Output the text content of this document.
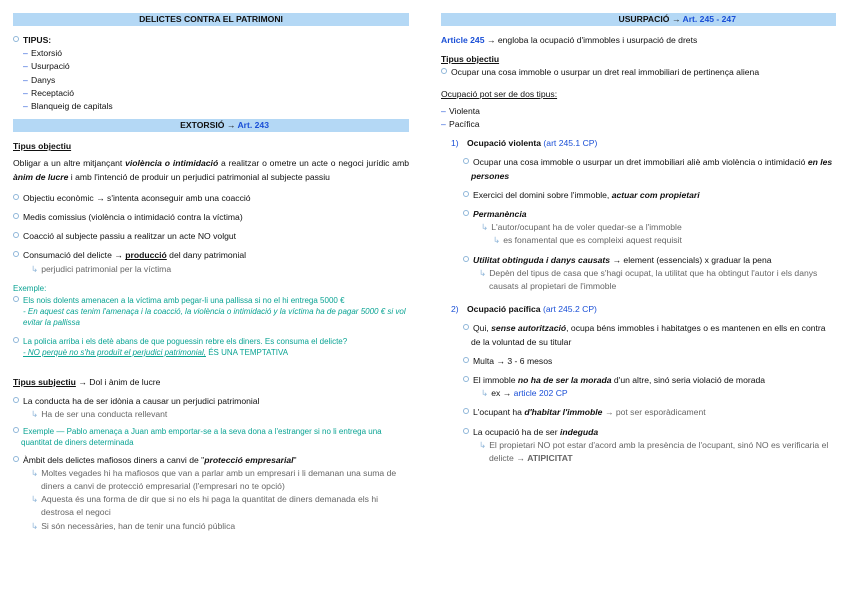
DELICTES CONTRA EL PATRIMONI
TIPUS:
– Extorsió
– Usurpació
– Danys
– Receptació
– Blanqueig de capitals
EXTORSIÓ → Art. 243
Tipus objectiu
Obligar a un altre mitjançant violència o intimidació a realitzar o ometre un acte o negoci jurídic amb ànim de lucre i amb l'intenció de produir un perjudici patrimonial al subjecte passiu
Objectiu econòmic → s'intenta aconseguir amb una coacció
Medis comissius (violència o intimidació contra la víctima)
Coacció al subjecte passiu a realitzar un acte NO volgut
Consumació del delicte → producció del dany patrimonial
↳ perjudici patrimonial per la víctima
Exemple:
Els nois dolents amenacen a la víctima amb pegar-li una pallissa si no el hi entrega 5000 €
- En aquest cas tenim l'amenaça i la coacció, la violència o intimidació y la víctima ha de pagar 5000 € si vol evitar la pallissa
La policia arriba i els detè abans de que poguessin rebre els diners. Es consuma el delicte?
- NO perquè no s'ha produït el perjudici patrimonial, ÉS UNA TEMPTATIVA
Tipus subjectiu → Dol i ànim de lucre
La conducta ha de ser idònia a causar un perjudici patrimonial
↳ Ha de ser una conducta rellevant
Exemple — Pablo amenaça a Juan amb emportar-se a la seva dona a l'estranger si no li entrega una quantitat de diners determinada
Àmbit dels delictes mafiosos diners a canvi de "protecció empresarial"
↳ Moltes vegades hi ha mafiosos que van a parlar amb un empresari i li demanan una suma de diners a canvi de protecció empresarial (l'empresari no te opció)
↳ Aquesta és una forma de dir que si no els hi paga la quantitat de diners demanada els hi destrosa el negoci
↳ Si són necessàries, han de tenir una funció pública
USURPACIÓ → Art. 245 - 247
Article 245 → engloba la ocupació d'immobles i usurpació de drets
Tipus objectiu
Ocupar una cosa immoble o usurpar un dret real immobiliari de pertinença aliena
Ocupació pot ser de dos tipus:
– Violenta
– Pacífica
1) Ocupació violenta (art 245.1 CP)
Ocupar una cosa immoble o usurpar un dret immobiliari aliè amb violència o intimidació en les persones
Exercici del domini sobre l'immoble, actuar com propietari
Permanència
↳ L'autor/ocupant ha de voler quedar-se a l'immoble
↳ es fonamental que es compleixi aquest requisit
Utilitat obtinguda i danys causats → element (essencials) x graduar la pena
↳ Depèn del tipus de casa que s'hagi ocupat, la utilitat que ha obtingut l'autor i els danys causats al propietari de l'immoble
2) Ocupació pacífica (art 245.2 CP)
Qui, sense autorització, ocupa béns immobles i habitatges o es mantenen en ells en contra de la voluntad de su titular
Multa → 3 - 6 mesos
El immoble no ha de ser la morada d'un altre, sinó seria violació de morada
↳ ex → article 202 CP
L'ocupant ha d'habitar l'immoble → pot ser esporàdicament
La ocupació ha de ser indeguda
↳ El propietari NO pot estar d'acord amb la presència de l'ocupant, sinó NO es verificaria el delicte → ATIPICITAT
